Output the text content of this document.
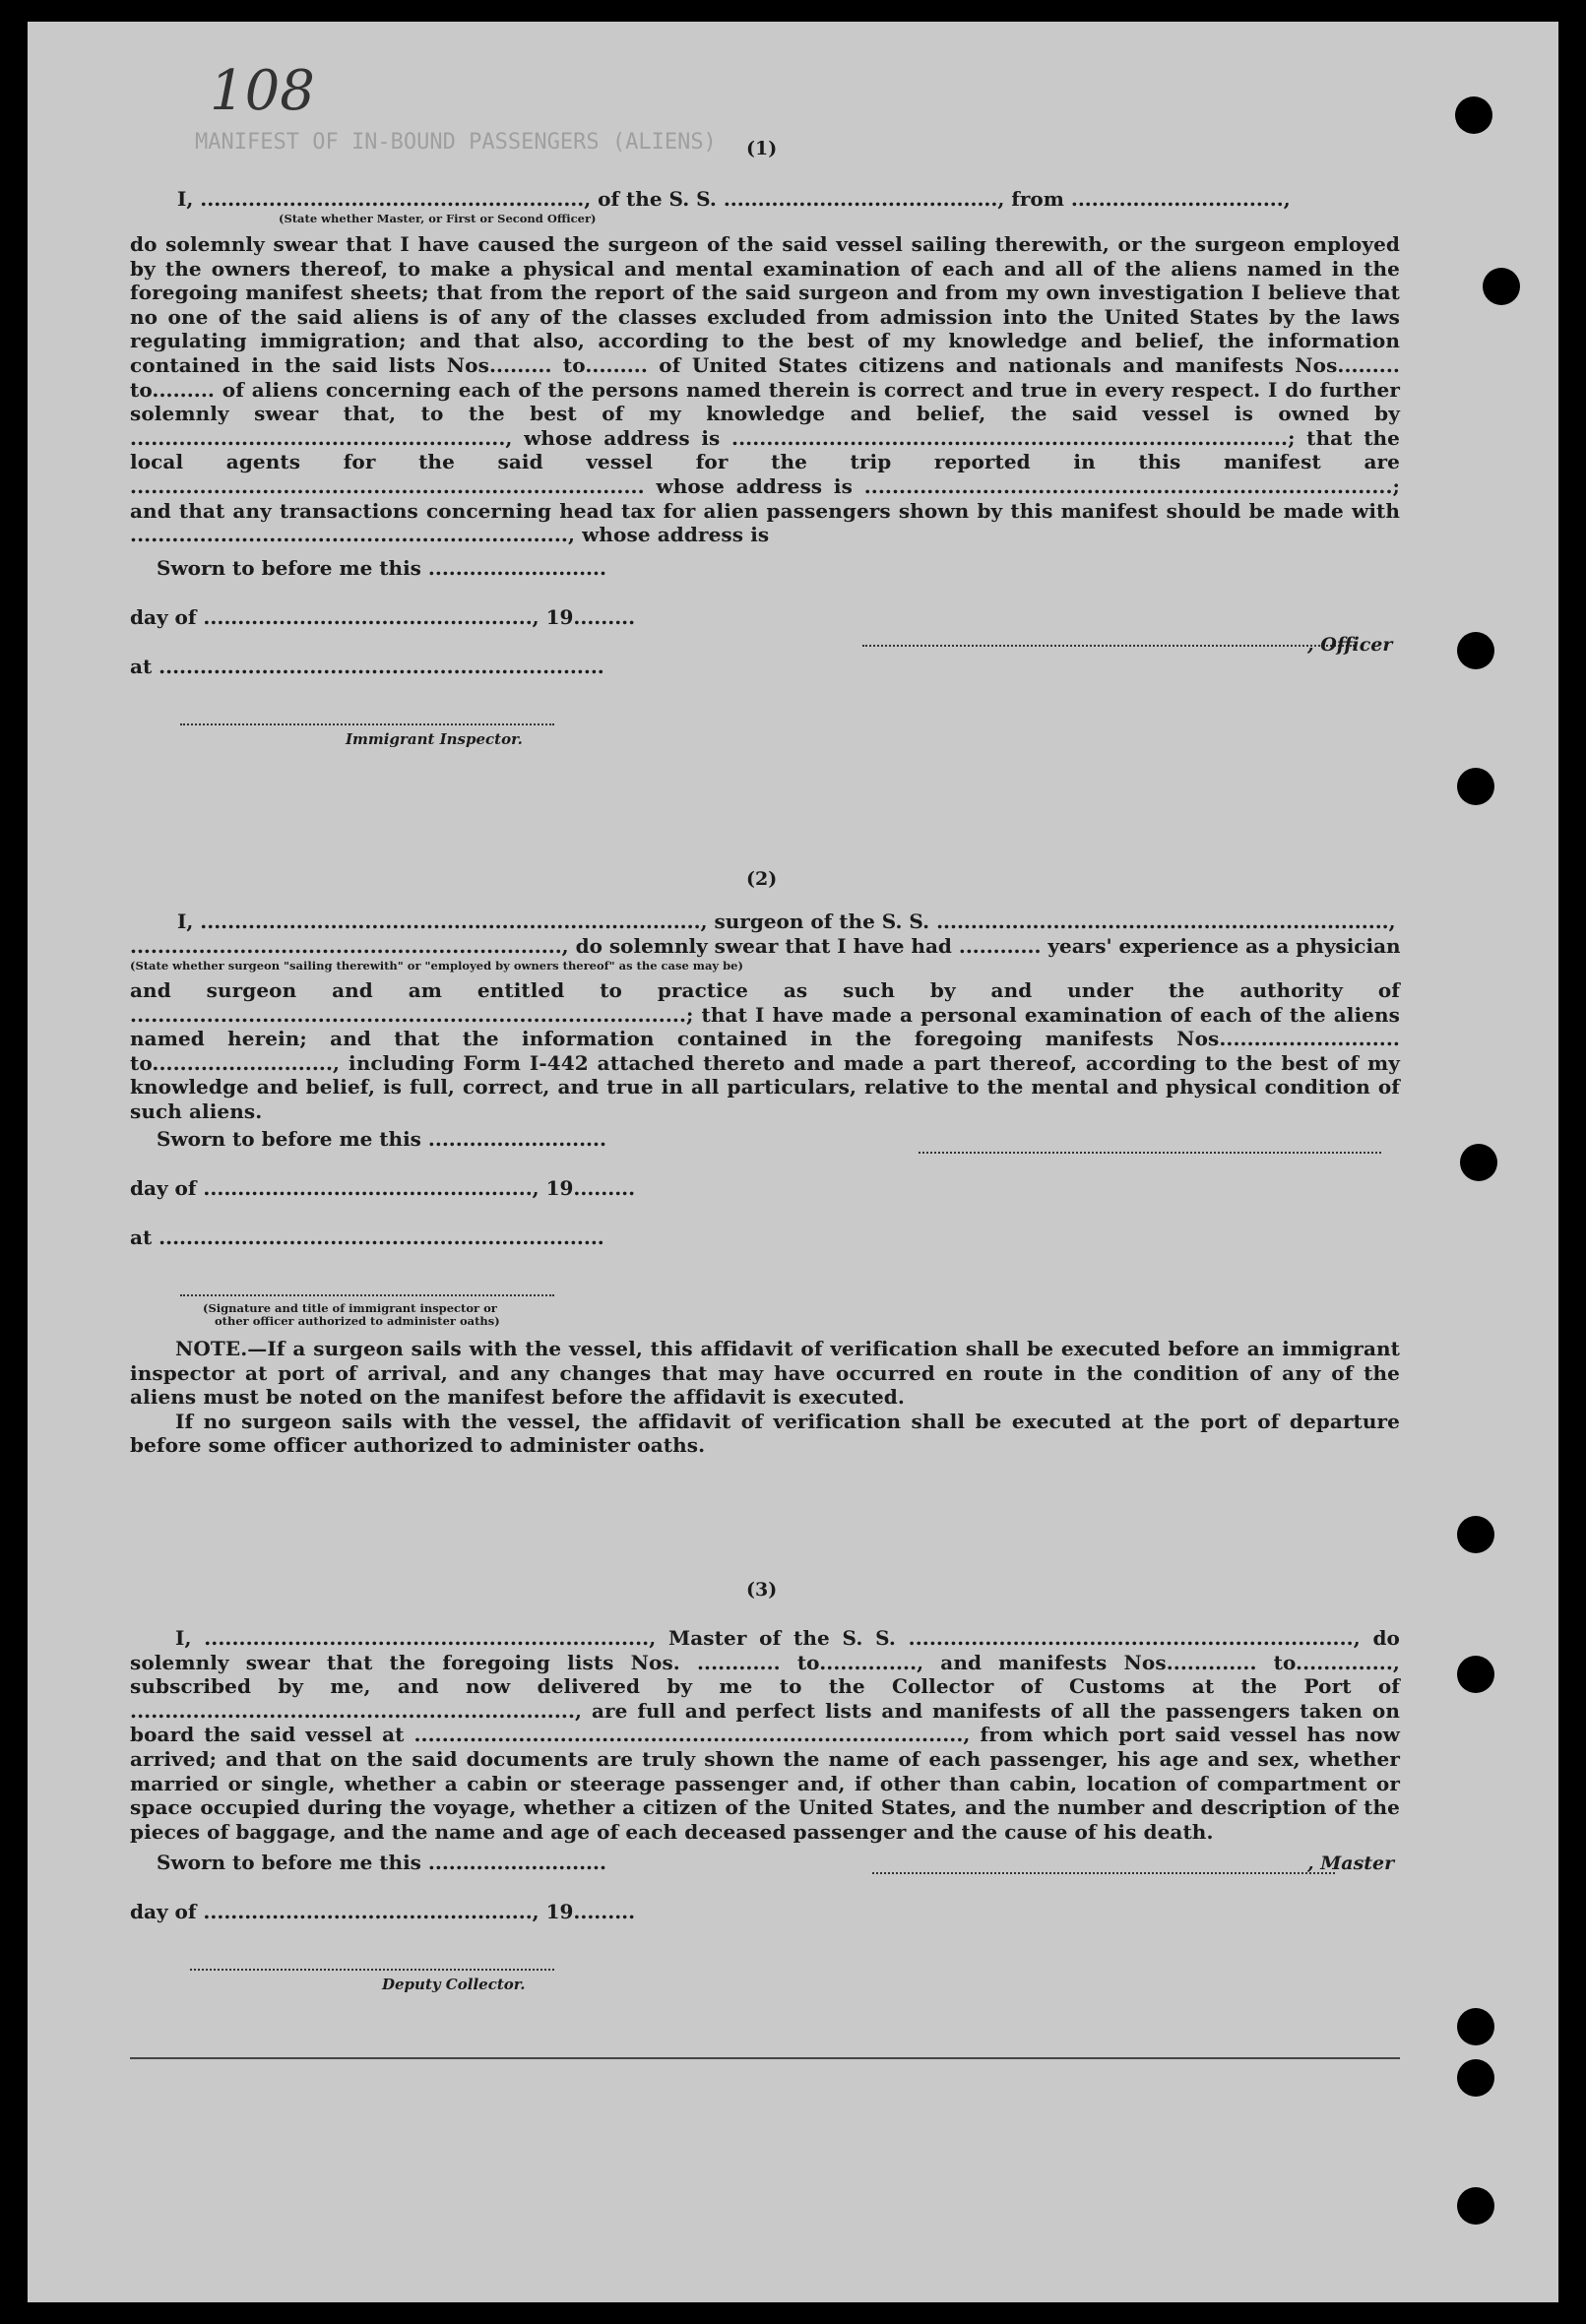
108
MANIFEST OF IN-BOUND PASSENGERS (ALIENS) (1)
I, ........................................................, of the S. S. ........................................, from ...............................,
(State whether Master, or First or Second Officer)

do solemnly swear that I have caused the surgeon of the said vessel sailing therewith, or the surgeon employed by the owners thereof, to make a physical and mental examination of each and all of the aliens named in the foregoing manifest sheets; that from the report of the said surgeon and from my own investigation I believe that no one of the said aliens is of any of the classes excluded from admission into the United States by the laws regulating immigration; and that also, according to the best of my knowledge and belief, the information contained in the said lists Nos......... to......... of United States citizens and nationals and manifests Nos......... to......... of aliens concerning each of the persons named therein is correct and true in every respect. I do further solemnly swear that, to the best of my knowledge and belief, the said vessel is owned by ......................................................, whose address is ................................................................................; that the local agents for the said vessel for the trip reported in this manifest are .......................................................................... whose address is ............................................................................; and that any transactions concerning head tax for alien passengers shown by this manifest should be made with ..............................................................., whose address is

Sworn to before me this ..........................
day of ................................................, 19.........
at .................................................................
, Officer
Immigrant Inspector.
(2)
I, ........................................................................., surgeon of the S. S. ..................................................................,
..............................................................., do solemnly swear that I have had ............ years' experience as a physician
(State whether surgeon "sailing therewith" or "employed by owners thereof" as the case may be)

and surgeon and am entitled to practice as such by and under the authority of ................................................................................; that I have made a personal examination of each of the aliens named herein; and that the information contained in the foregoing manifests Nos.......................... to.........................., including Form I-442 attached thereto and made a part thereof, according to the best of my knowledge and belief, is full, correct, and true in all particulars, relative to the mental and physical condition of such aliens.

Sworn to before me this ..........................
day of ................................................, 19.........
at .................................................................
(Signature and title of immigrant inspector or
other officer authorized to administer oaths)

NOTE.—If a surgeon sails with the vessel, this affidavit of verification shall be executed before an immigrant inspector at port of arrival, and any changes that may have occurred en route in the condition of any of the aliens must be noted on the manifest before the affidavit is executed.

If no surgeon sails with the vessel, the affidavit of verification shall be executed at the port of departure before some officer authorized to administer oaths.

(3)

I, ................................................................, Master of the S. S. ................................................................, do solemnly swear that the foregoing lists Nos. ............ to.............., and manifests Nos............. to.............., subscribed by me, and now delivered by me to the Collector of Customs at the Port of ................................................................, are full and perfect lists and manifests of all the passengers taken on board the said vessel at ..............................................................................., from which port said vessel has now arrived; and that on the said documents are truly shown the name of each passenger, his age and sex, whether married or single, whether a cabin or steerage passenger and, if other than cabin, location of compartment or space occupied during the voyage, whether a citizen of the United States, and the number and description of the pieces of baggage, and the name and age of each deceased passenger and the cause of his death.

Sworn to before me this ..........................	, Master
day of ................................................, 19.........
Deputy Collector.
